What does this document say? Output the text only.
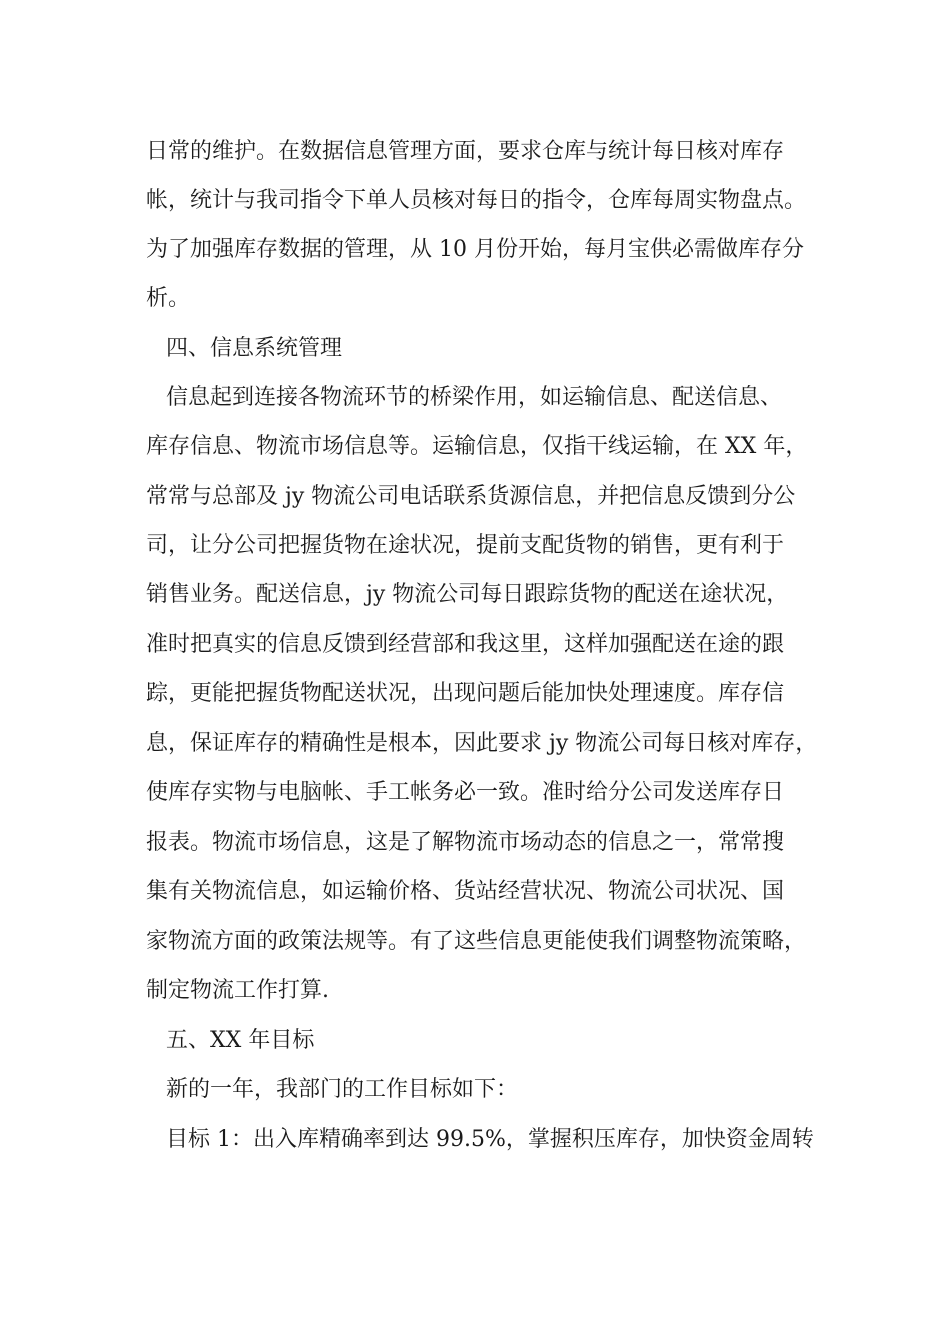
日常的维护。在数据信息管理方面，要求仓库与统计每日核对库存
帐，统计与我司指令下单人员核对每日的指令，仓库每周实物盘点。
为了加强库存数据的管理，从 10 月份开始，每月宝供必需做库存分
析。
四、信息系统管理
信息起到连接各物流环节的桥梁作用，如运输信息、配送信息、
库存信息、物流市场信息等。运输信息，仅指干线运输，在 XX 年，
常常与总部及 jy 物流公司电话联系货源信息，并把信息反馈到分公
司，让分公司把握货物在途状况，提前支配货物的销售，更有利于
销售业务。配送信息，jy 物流公司每日跟踪货物的配送在途状况，
准时把真实的信息反馈到经营部和我这里，这样加强配送在途的跟
踪，更能把握货物配送状况，出现问题后能加快处理速度。库存信
息，保证库存的精确性是根本，因此要求 jy 物流公司每日核对库存，
使库存实物与电脑帐、手工帐务必一致。准时给分公司发送库存日
报表。物流市场信息，这是了解物流市场动态的信息之一，常常搜
集有关物流信息，如运输价格、货站经营状况、物流公司状况、国
家物流方面的政策法规等。有了这些信息更能使我们调整物流策略，
制定物流工作打算.
五、XX 年目标
新的一年，我部门的工作目标如下：
目标 1：出入库精确率到达 99.5%，掌握积压库存，加快资金周转
